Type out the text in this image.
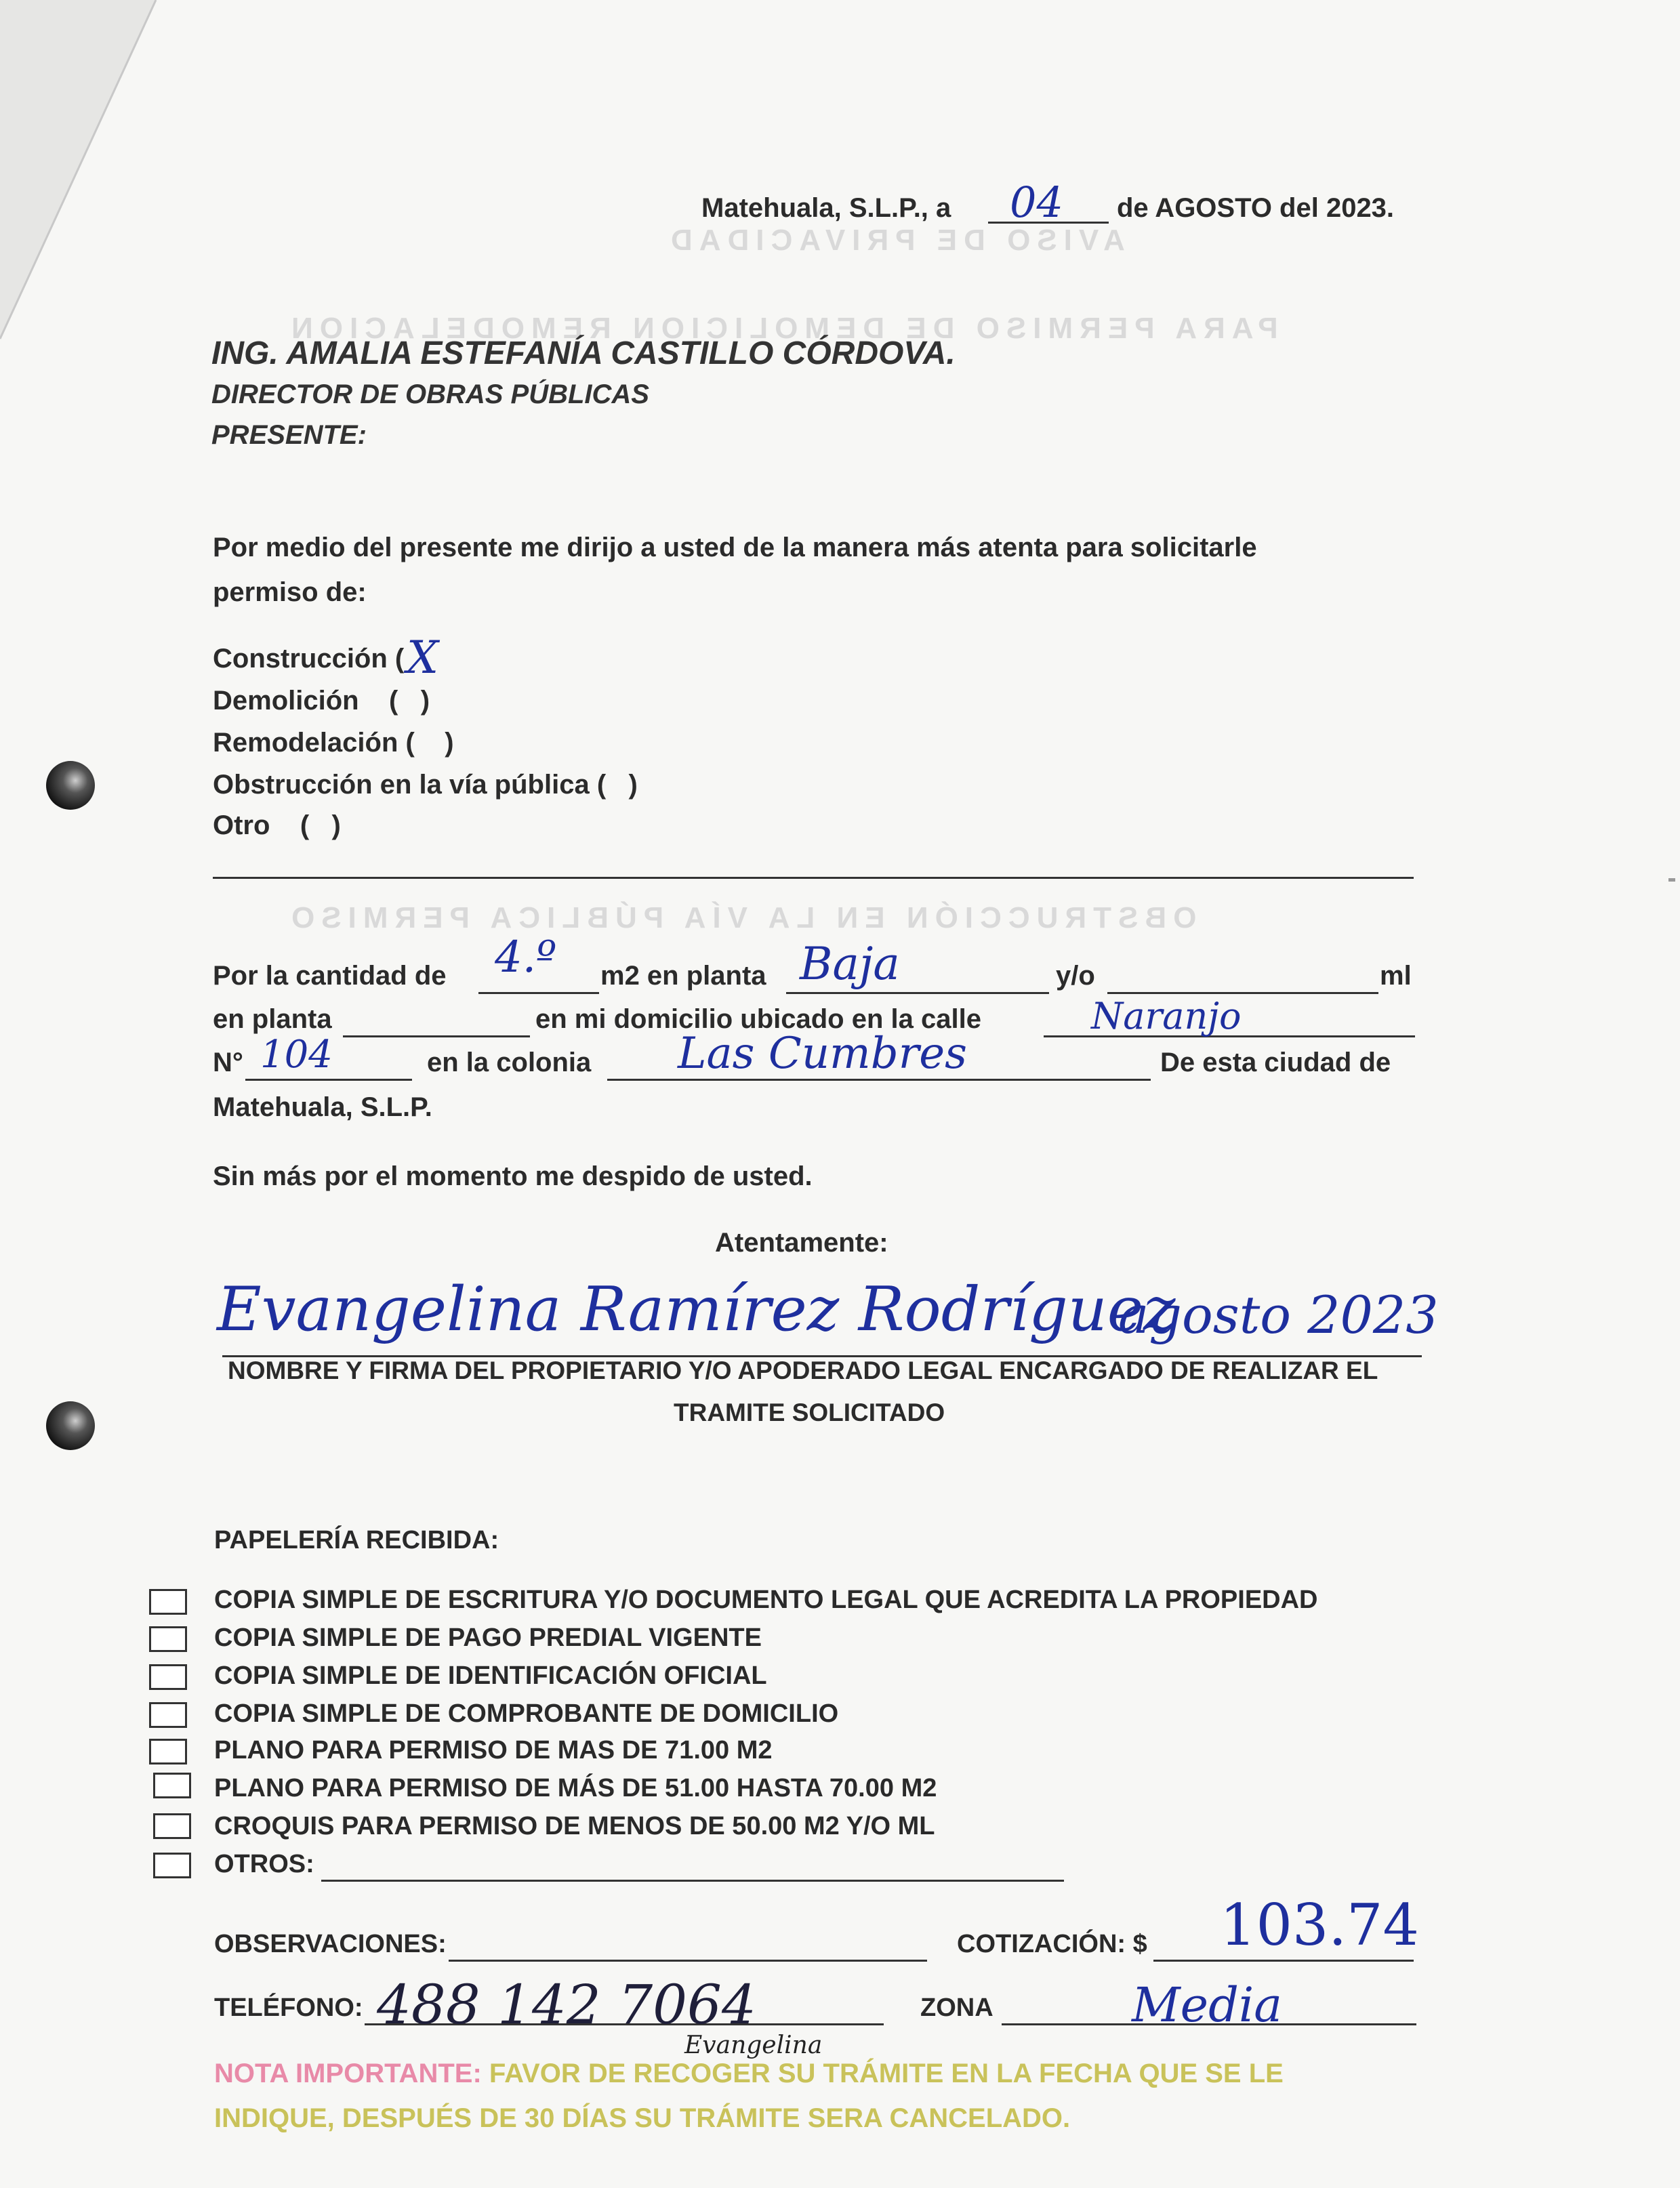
AVISO DE PRIVACIDAD
PARA PERMISO DE DEMOLICION REMODELACION
OBSTRUCCIÓN EN LA VÍA PÚBLICA PERMISO
Matehuala, S.L.P., a 04 de AGOSTO del 2023.
ING. AMALIA ESTEFANÍA CASTILLO CÓRDOVA.
DIRECTOR DE OBRAS PÚBLICAS
PRESENTE:
Por medio del presente me dirijo a usted de la manera más atenta para solicitarle
permiso de:
Construcción ( X
Demolición    (   )
Remodelación (    )
Obstrucción en la vía pública (   )
Otro    (   )
Por la cantidad de 4.º m2 en planta Baja	y/o	ml
en planta	en mi domicilio ubicado en la calle	Naranjo
N° 104	en la colonia Las Cumbres	De esta ciudad de
Matehuala, S.L.P.
Sin más por el momento me despido de usted.
Atentamente:
Evangelina Ramírez Rodríguez
agosto 2023
NOMBRE Y FIRMA DEL PROPIETARIO Y/O APODERADO LEGAL ENCARGADO DE REALIZAR EL
TRAMITE SOLICITADO
PAPELERÍA RECIBIDA:
COPIA SIMPLE DE ESCRITURA Y/O DOCUMENTO LEGAL QUE ACREDITA LA PROPIEDAD
COPIA SIMPLE DE PAGO PREDIAL VIGENTE
COPIA SIMPLE DE IDENTIFICACIÓN OFICIAL
COPIA SIMPLE DE COMPROBANTE DE DOMICILIO
PLANO PARA PERMISO DE MAS DE 71.00 M2
PLANO PARA PERMISO DE MÁS DE 51.00 HASTA 70.00 M2
CROQUIS PARA PERMISO DE MENOS DE 50.00 M2 Y/O ML
OTROS:
OBSERVACIONES:	COTIZACIÓN: $ 103.74
TELÉFONO: 488 142 7064	ZONA	Media
Evangelina
NOTA IMPORTANTE: FAVOR DE RECOGER SU TRÁMITE EN LA FECHA QUE SE LE
INDIQUE, DESPUÉS DE 30 DÍAS SU TRÁMITE SERA CANCELADO.
